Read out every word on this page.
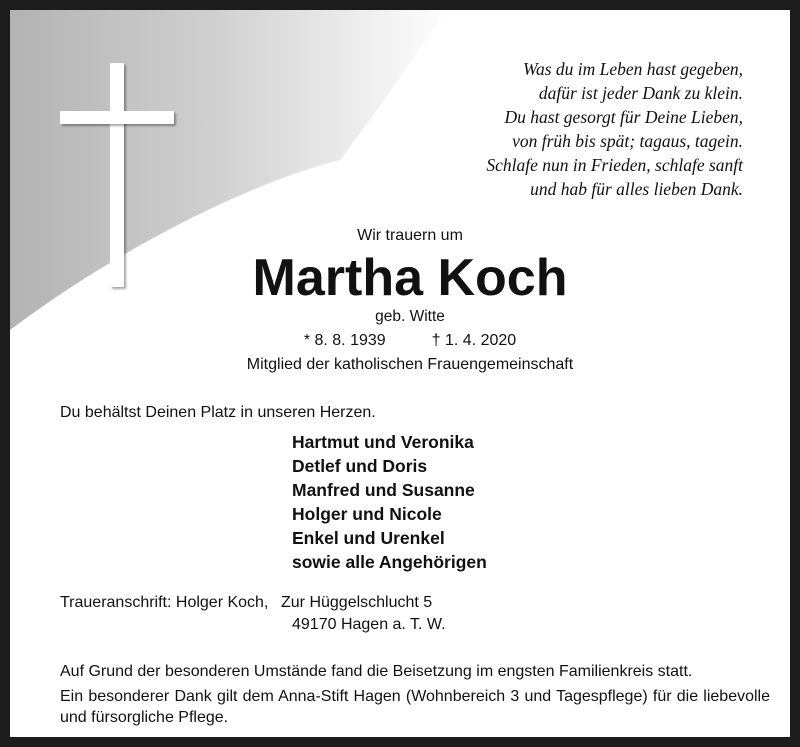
Was du im Leben hast gegeben,
dafür ist jeder Dank zu klein.
Du hast gesorgt für Deine Lieben,
von früh bis spät; tagaus, tagein.
Schlafe nun in Frieden, schlafe sanft
und hab für alles lieben Dank.
Wir trauern um
Martha Koch
geb. Witte
* 8. 8. 1939	† 1. 4. 2020
Mitglied der katholischen Frauengemeinschaft
Du behältst Deinen Platz in unseren Herzen.
Hartmut und Veronika
Detlef und Doris
Manfred und Susanne
Holger und Nicole
Enkel und Urenkel
sowie alle Angehörigen
Traueranschrift: Holger Koch, Zur Hüggelschlucht 5
49170 Hagen a. T. W.
Auf Grund der besonderen Umstände fand die Beisetzung im engsten Familienkreis statt.
Ein besonderer Dank gilt dem Anna-Stift Hagen (Wohnbereich 3 und Tagespflege) für die liebevolle und fürsorgliche Pflege.
